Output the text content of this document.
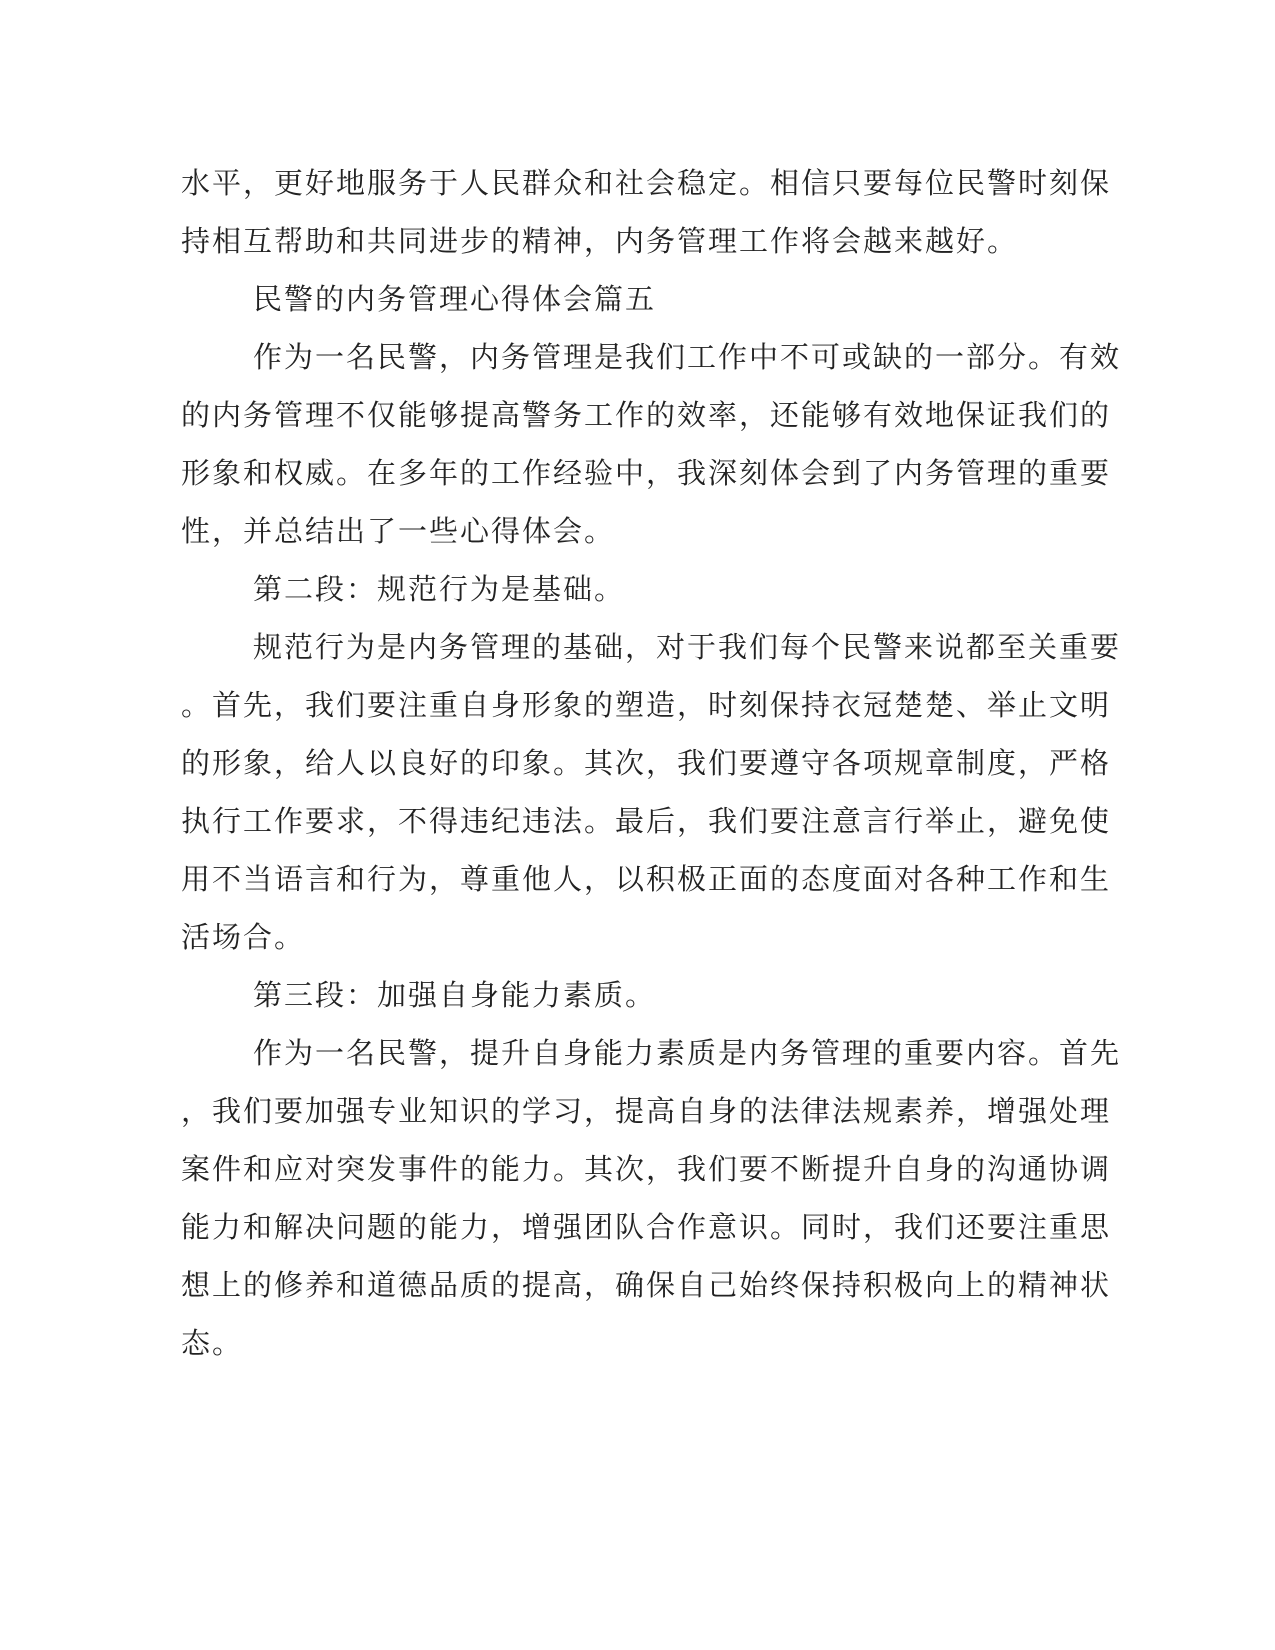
水平，更好地服务于人民群众和社会稳定。相信只要每位民警时刻保
持相互帮助和共同进步的精神，内务管理工作将会越来越好。
民警的内务管理心得体会篇五
作为一名民警，内务管理是我们工作中不可或缺的一部分。有效
的内务管理不仅能够提高警务工作的效率，还能够有效地保证我们的
形象和权威。在多年的工作经验中，我深刻体会到了内务管理的重要
性，并总结出了一些心得体会。
第二段：规范行为是基础。
规范行为是内务管理的基础，对于我们每个民警来说都至关重要
。首先，我们要注重自身形象的塑造，时刻保持衣冠楚楚、举止文明
的形象，给人以良好的印象。其次，我们要遵守各项规章制度，严格
执行工作要求，不得违纪违法。最后，我们要注意言行举止，避免使
用不当语言和行为，尊重他人，以积极正面的态度面对各种工作和生
活场合。
第三段：加强自身能力素质。
作为一名民警，提升自身能力素质是内务管理的重要内容。首先
，我们要加强专业知识的学习，提高自身的法律法规素养，增强处理
案件和应对突发事件的能力。其次，我们要不断提升自身的沟通协调
能力和解决问题的能力，增强团队合作意识。同时，我们还要注重思
想上的修养和道德品质的提高，确保自己始终保持积极向上的精神状
态。
